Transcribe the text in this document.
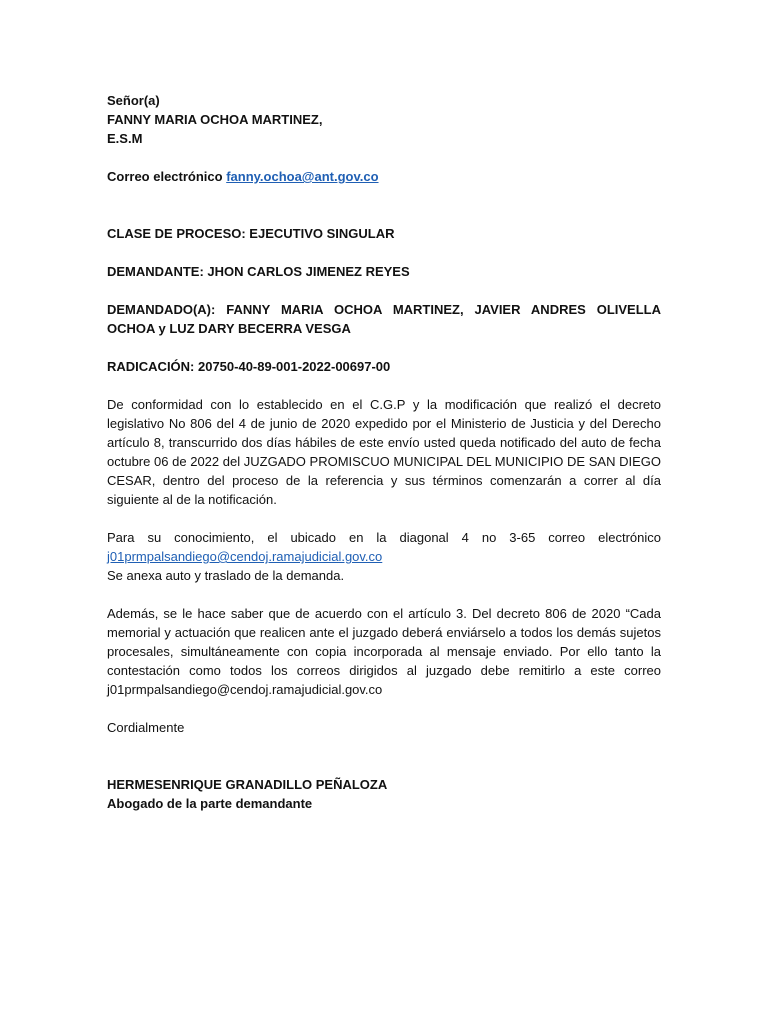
Señor(a)

FANNY MARIA OCHOA MARTINEZ,

E.S.M

Correo electrónico fanny.ochoa@ant.gov.co

CLASE DE PROCESO: EJECUTIVO SINGULAR

DEMANDANTE: JHON CARLOS JIMENEZ REYES

DEMANDADO(A): FANNY MARIA OCHOA MARTINEZ, JAVIER ANDRES OLIVELLA OCHOA y LUZ DARY BECERRA VESGA

RADICACIÓN: 20750-40-89-001-2022-00697-00

De conformidad con lo establecido en el C.G.P y la modificación que realizó el decreto legislativo No 806 del 4 de junio de 2020 expedido por el Ministerio de Justicia y del Derecho artículo 8, transcurrido dos días hábiles de este envío usted queda notificado del auto de fecha octubre 06 de 2022 del JUZGADO PROMISCUO MUNICIPAL DEL MUNICIPIO DE SAN DIEGO CESAR, dentro del proceso de la referencia y sus términos comenzarán a correr al día siguiente al de la notificación.

Para su conocimiento, el ubicado en la diagonal 4 no 3-65 correo electrónico

j01prmpalsandiego@cendoj.ramajudicial.gov.co

Se anexa auto y traslado de la demanda.

Además, se le hace saber que de acuerdo con el artículo 3. Del decreto 806 de 2020 “Cada memorial y actuación que realicen ante el juzgado deberá enviárselo a todos los demás sujetos procesales, simultáneamente con copia incorporada al mensaje enviado. Por ello tanto la contestación como todos los correos dirigidos al juzgado debe remitirlo a este correo j01prmpalsandiego@cendoj.ramajudicial.gov.co

Cordialmente

HERMESENRIQUE GRANADILLO PEÑALOZA

Abogado de la parte demandante
